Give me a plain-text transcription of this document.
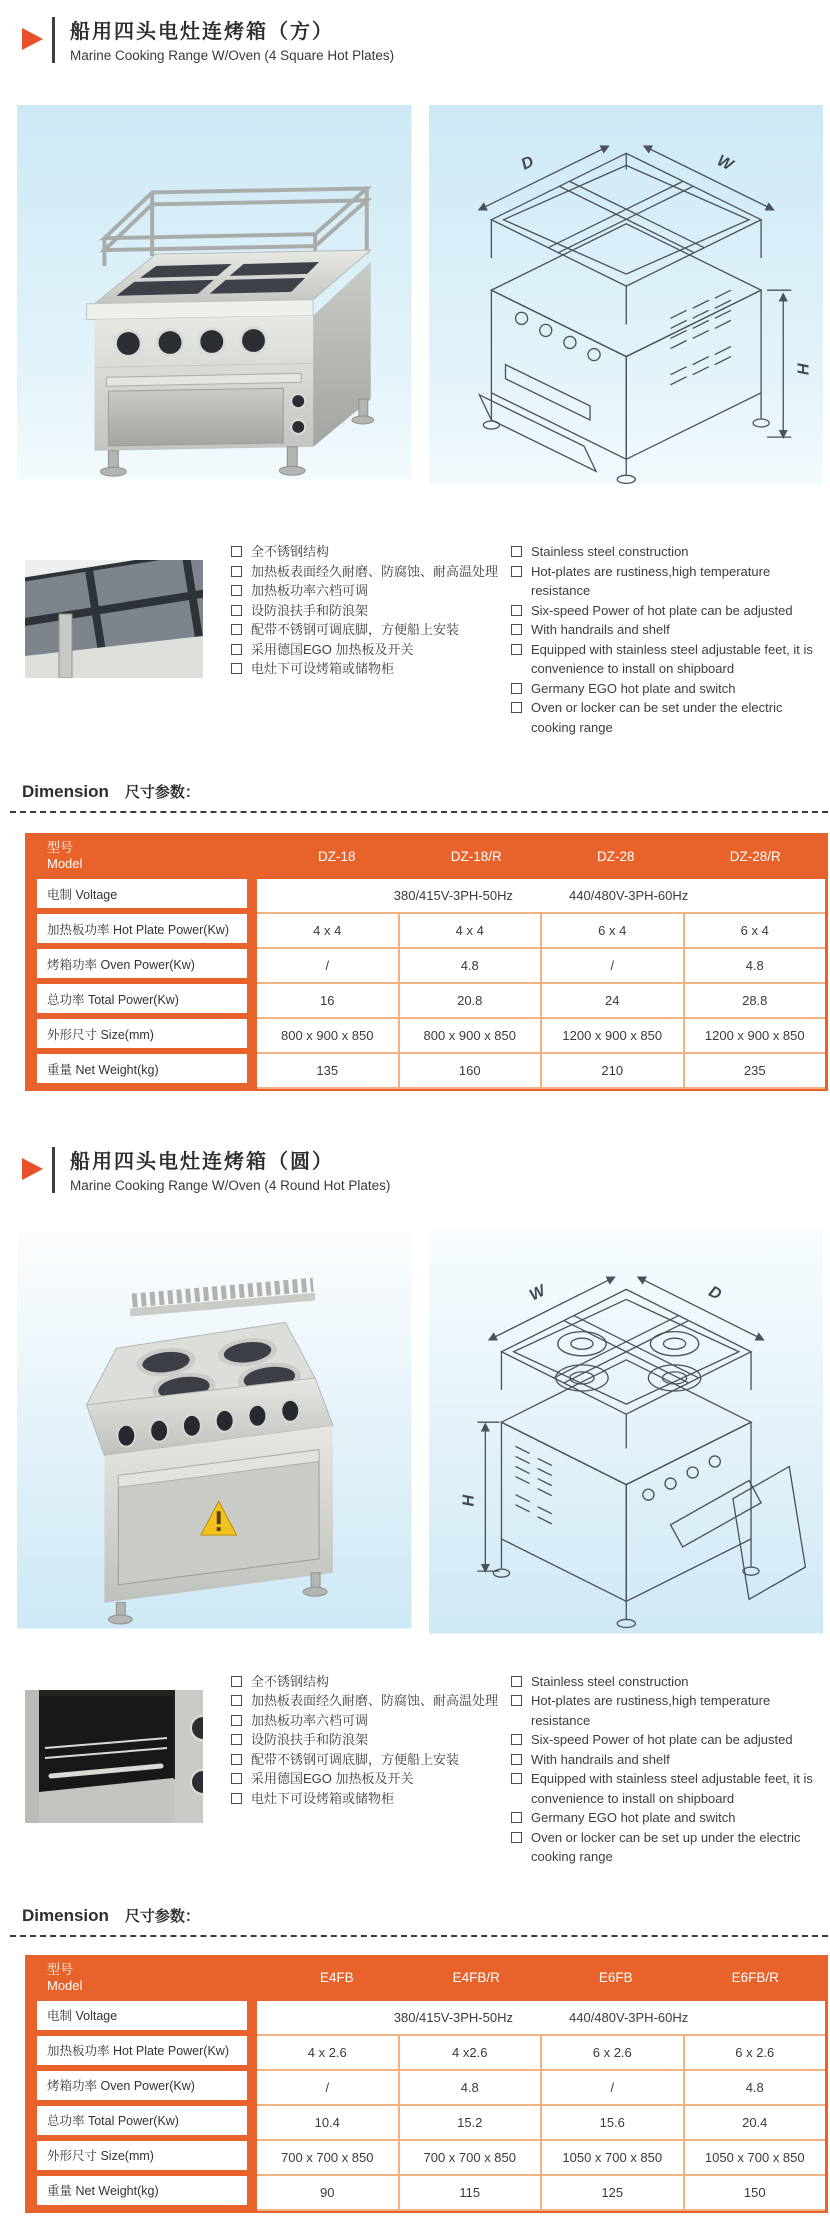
船用四头电灶连烤箱（方）
Marine Cooking Range W/Oven (4 Square Hot Plates)
D	W
H
全不锈钢结构
加热板表面经久耐磨、防腐蚀、耐高温处理
加热板功率六档可调
设防浪扶手和防浪架
配带不锈钢可调底脚，方便船上安装
采用德国EGO 加热板及开关
电灶下可设烤箱或储物柜
Stainless steel construction
Hot-plates are rustiness,high temperature resistance
Six-speed Power of hot plate can be adjusted
With handrails and shelf
Equipped with stainless steel adjustable feet, it is convenience to install on shipboard
Germany EGO hot plate and switch
Oven or locker can be set under the electric cooking range
Dimension 尺寸参数：
型号
Model	DZ-18	DZ-18/R	DZ-28	DZ-28/R
电制 Voltage	380/415V-3PH-50Hz	440/480V-3PH-60Hz
加热板功率 Hot Plate Power(Kw)	4 x 4	4 x 4	6 x 4	6 x 4
烤箱功率 Oven Power(Kw)	/	4.8	/	4.8
总功率 Total Power(Kw)	16	20.8	24	28.8
外形尺寸 Size(mm)	800 x 900 x 850	800 x 900 x 850	1200 x 900 x 850	1200 x 900 x 850
重量 Net Weight(kg)	135	160	210	235
船用四头电灶连烤箱（圆）
Marine Cooking Range W/Oven (4 Round Hot Plates)
W	D
H
全不锈钢结构
加热板表面经久耐磨、防腐蚀、耐高温处理
加热板功率六档可调
设防浪扶手和防浪架
配带不锈钢可调底脚，方便船上安装
采用德国EGO 加热板及开关
电灶下可设烤箱或储物柜
Stainless steel construction
Hot-plates are rustiness,high temperature resistance
Six-speed Power of hot plate can be adjusted
With handrails and shelf
Equipped with stainless steel adjustable feet, it is convenience to install on shipboard
Germany EGO hot plate and switch
Oven or locker can be set up under the electric cooking range
Dimension 尺寸参数：
型号
Model	E4FB	E4FB/R	E6FB	E6FB/R
电制 Voltage	380/415V-3PH-50Hz	440/480V-3PH-60Hz
加热板功率 Hot Plate Power(Kw)	4 x 2.6	4 x2.6	6 x 2.6	6 x 2.6
烤箱功率 Oven Power(Kw)	/	4.8	/	4.8
总功率 Total Power(Kw)	10.4	15.2	15.6	20.4
外形尺寸 Size(mm)	700 x 700 x 850	700 x 700 x 850	1050 x 700 x 850	1050 x 700 x 850
重量 Net Weight(kg)	90	115	125	150
